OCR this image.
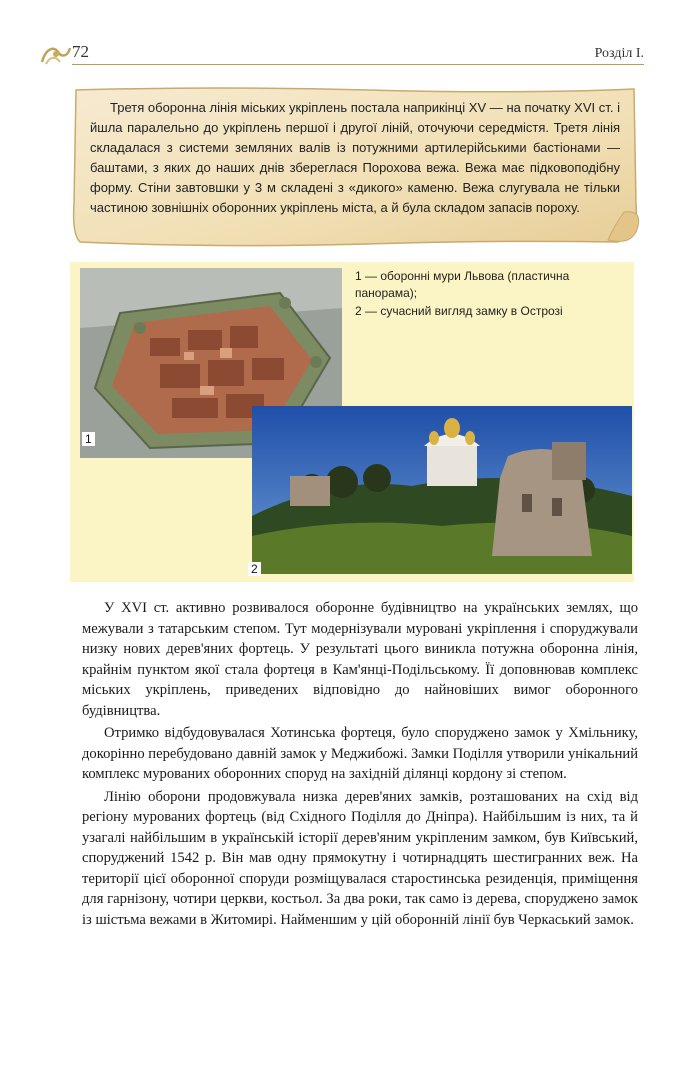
72	Розділ І.
Третя оборонна лінія міських укріплень постала наприкінці XV — на початку XVI ст. і йшла паралельно до укріплень першої і другої ліній, оточуючи середмістя. Третя лінія складалася з системи земляних валів із потужними артилерійськими бастіонами — баштами, з яких до наших днів збереглася Порохова вежа. Вежа має підковоподібну форму. Стіни завтовшки у 3 м складені з «дикого» каменю. Вежа слугувала не тільки частиною зовнішніх оборонних укріплень міста, а й була складом запасів пороху.
1
2

1 — оборонні мури Львова (пластична панорама);

2 — сучасний вигляд замку в Острозі

У XVI ст. активно розвивалося оборонне будівництво на українських землях, що межували з татарським степом. Тут модернізували муровані укріплення і споруджували низку нових дерев'яних фортець. У результаті цього виникла потужна оборонна лінія, крайнім пунктом якої стала фортеця в Кам'янці-Подільському. Її доповнював комплекс міських укріплень, приведених відповідно до найновіших вимог оборонного будівництва.

Отримко відбудовувалася Хотинська фортеця, було споруджено замок у Хмільнику, докорінно перебудовано давній замок у Меджибожі. Замки Поділля утворили унікальний комплекс мурованих оборонних споруд на західній ділянці кордону зі степом.

Лінію оборони продовжувала низка дерев'яних замків, розташованих на схід від регіону мурованих фортець (від Східного Поділля до Дніпра). Найбільшим із них, та й узагалі найбільшим в українській історії дерев'яним укріпленим замком, був Київський, споруджений 1542 р. Він мав одну прямокутну і чотирнадцять шестигранних веж. На території цієї оборонної споруди розміщувалася старостинська резиденція, приміщення для гарнізону, чотири церкви, костьол. За два роки, так само із дерева, споруджено замок із шістьма вежами в Житомирі. Найменшим у цій оборонній лінії був Черкаський замок.
